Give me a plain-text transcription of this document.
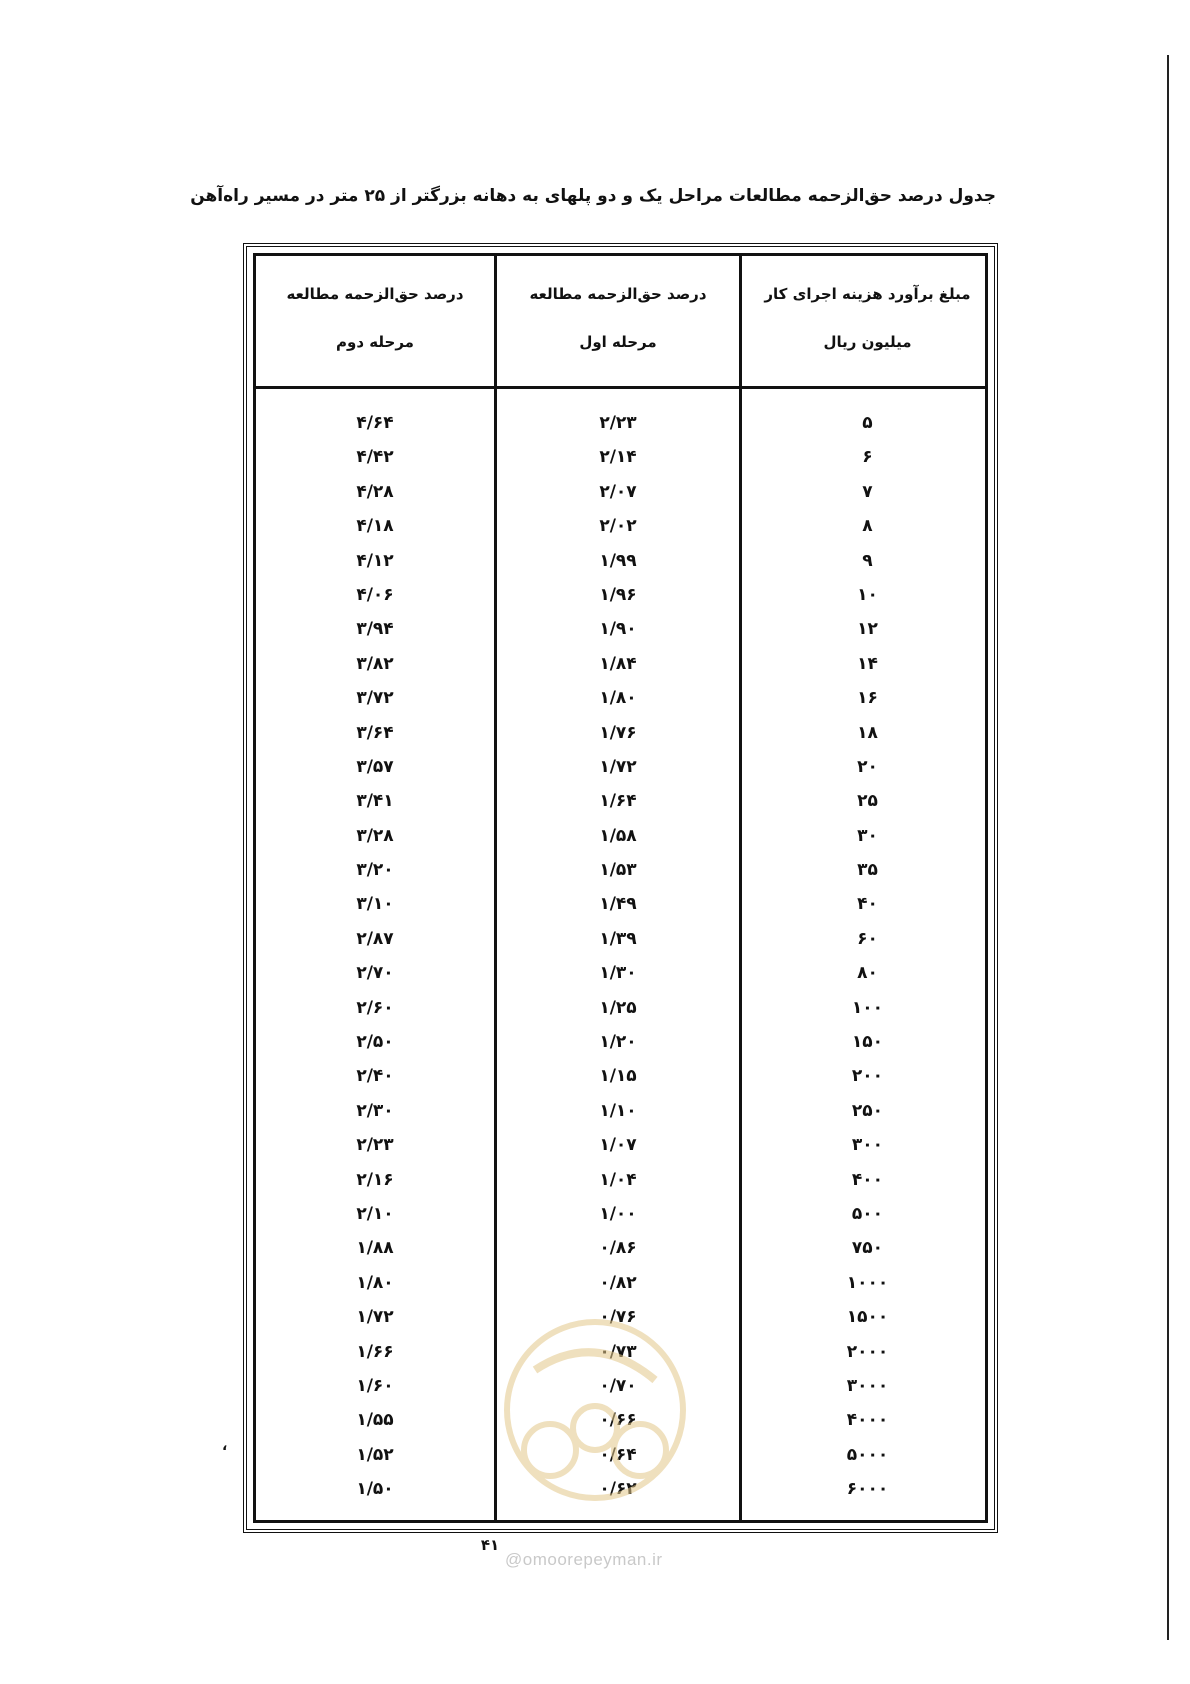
جدول درصد حق‌الزحمه مطالعات مراحل یک و دو پلهای به دهانه بزرگتر از ۲۵ متر در مسیر راه‌آهن
مبلغ برآورد هزینه اجرای کار
میلیون ریال
درصد حق‌الزحمه مطالعه
مرحله اول
درصد حق‌الزحمه مطالعه
مرحله دوم
۵
۶
۷
۸
۹
۱۰
۱۲
۱۴
۱۶
۱۸
۲۰
۲۵
۳۰
۳۵
۴۰
۶۰
۸۰
۱۰۰
۱۵۰
۲۰۰
۲۵۰
۳۰۰
۴۰۰
۵۰۰
۷۵۰
۱۰۰۰
۱۵۰۰
۲۰۰۰
۳۰۰۰
۴۰۰۰
۵۰۰۰
۶۰۰۰
۲/۲۳
۲/۱۴
۲/۰۷
۲/۰۲
۱/۹۹
۱/۹۶
۱/۹۰
۱/۸۴
۱/۸۰
۱/۷۶
۱/۷۲
۱/۶۴
۱/۵۸
۱/۵۳
۱/۴۹
۱/۳۹
۱/۳۰
۱/۲۵
۱/۲۰
۱/۱۵
۱/۱۰
۱/۰۷
۱/۰۴
۱/۰۰
۰/۸۶
۰/۸۲
۰/۷۶
۰/۷۳
۰/۷۰
۰/۶۶
۰/۶۴
۰/۶۲
۴/۶۴
۴/۴۲
۴/۲۸
۴/۱۸
۴/۱۲
۴/۰۶
۳/۹۴
۳/۸۲
۳/۷۲
۳/۶۴
۳/۵۷
۳/۴۱
۳/۲۸
۳/۲۰
۳/۱۰
۲/۸۷
۲/۷۰
۲/۶۰
۲/۵۰
۲/۴۰
۲/۳۰
۲/۲۳
۲/۱۶
۲/۱۰
۱/۸۸
۱/۸۰
۱/۷۲
۱/۶۶
۱/۶۰
۱/۵۵
۱/۵۲
۱/۵۰
۴۱
@omoorepeyman.ir
،
